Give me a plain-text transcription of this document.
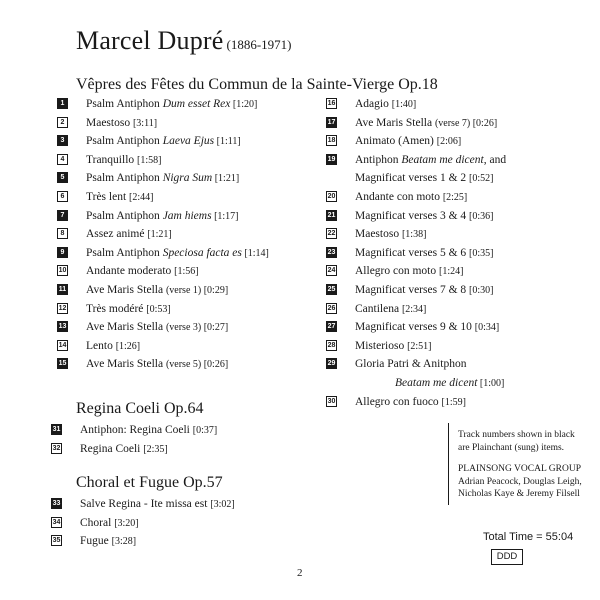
Marcel Dupré (1886-1971)
Vêpres des Fêtes du Commun de la Sainte-Vierge Op.18
Regina Coeli Op.64
Choral et Fugue Op.57
1	Psalm Antiphon Dum esset Rex [1:20]
2	Maestoso [3:11]
3	Psalm Antiphon Laeva Ejus [1:11]
4	Tranquillo [1:58]
5	Psalm Antiphon Nigra Sum [1:21]
6	Très lent [2:44]
7	Psalm Antiphon Jam hiems [1:17]
8	Assez animé [1:21]
9	Psalm Antiphon Speciosa facta es [1:14]
10 Andante moderato [1:56]
11 Ave Maris Stella (verse 1) [0:29]
12 Très modéré [0:53]
13 Ave Maris Stella (verse 3) [0:27]
14 Lento [1:26]
15 Ave Maris Stella (verse 5) [0:26]
16 Adagio [1:40]
17 Ave Maris Stella (verse 7) [0:26]
18 Animato (Amen) [2:06]
19 Antiphon Beatam me dicent, and
Magnificat verses 1 & 2 [0:52]
20 Andante con moto [2:25]
21 Magnificat verses 3 & 4 [0:36]
22 Maestoso [1:38]
23 Magnificat verses 5 & 6 [0:35]
24 Allegro con moto [1:24]
25 Magnificat verses 7 & 8 [0:30]
26 Cantilena [2:34]
27 Magnificat verses 9 & 10 [0:34]
28 Misterioso [2:51]
29 Gloria Patri & Anitphon
Beatam me dicent [1:00]
30 Allegro con fuoco [1:59]
31 Antiphon: Regina Coeli [0:37]
32 Regina Coeli [2:35]
33 Salve Regina - Ite missa est [3:02]
34 Choral [3:20]
35 Fugue [3:28]
Track numbers shown in black
are Plainchant (sung) items.
PLAINSONG VOCAL GROUP
Adrian Peacock, Douglas Leigh,
Nicholas Kaye & Jeremy Filsell
Total Time = 55:04
DDD
2
